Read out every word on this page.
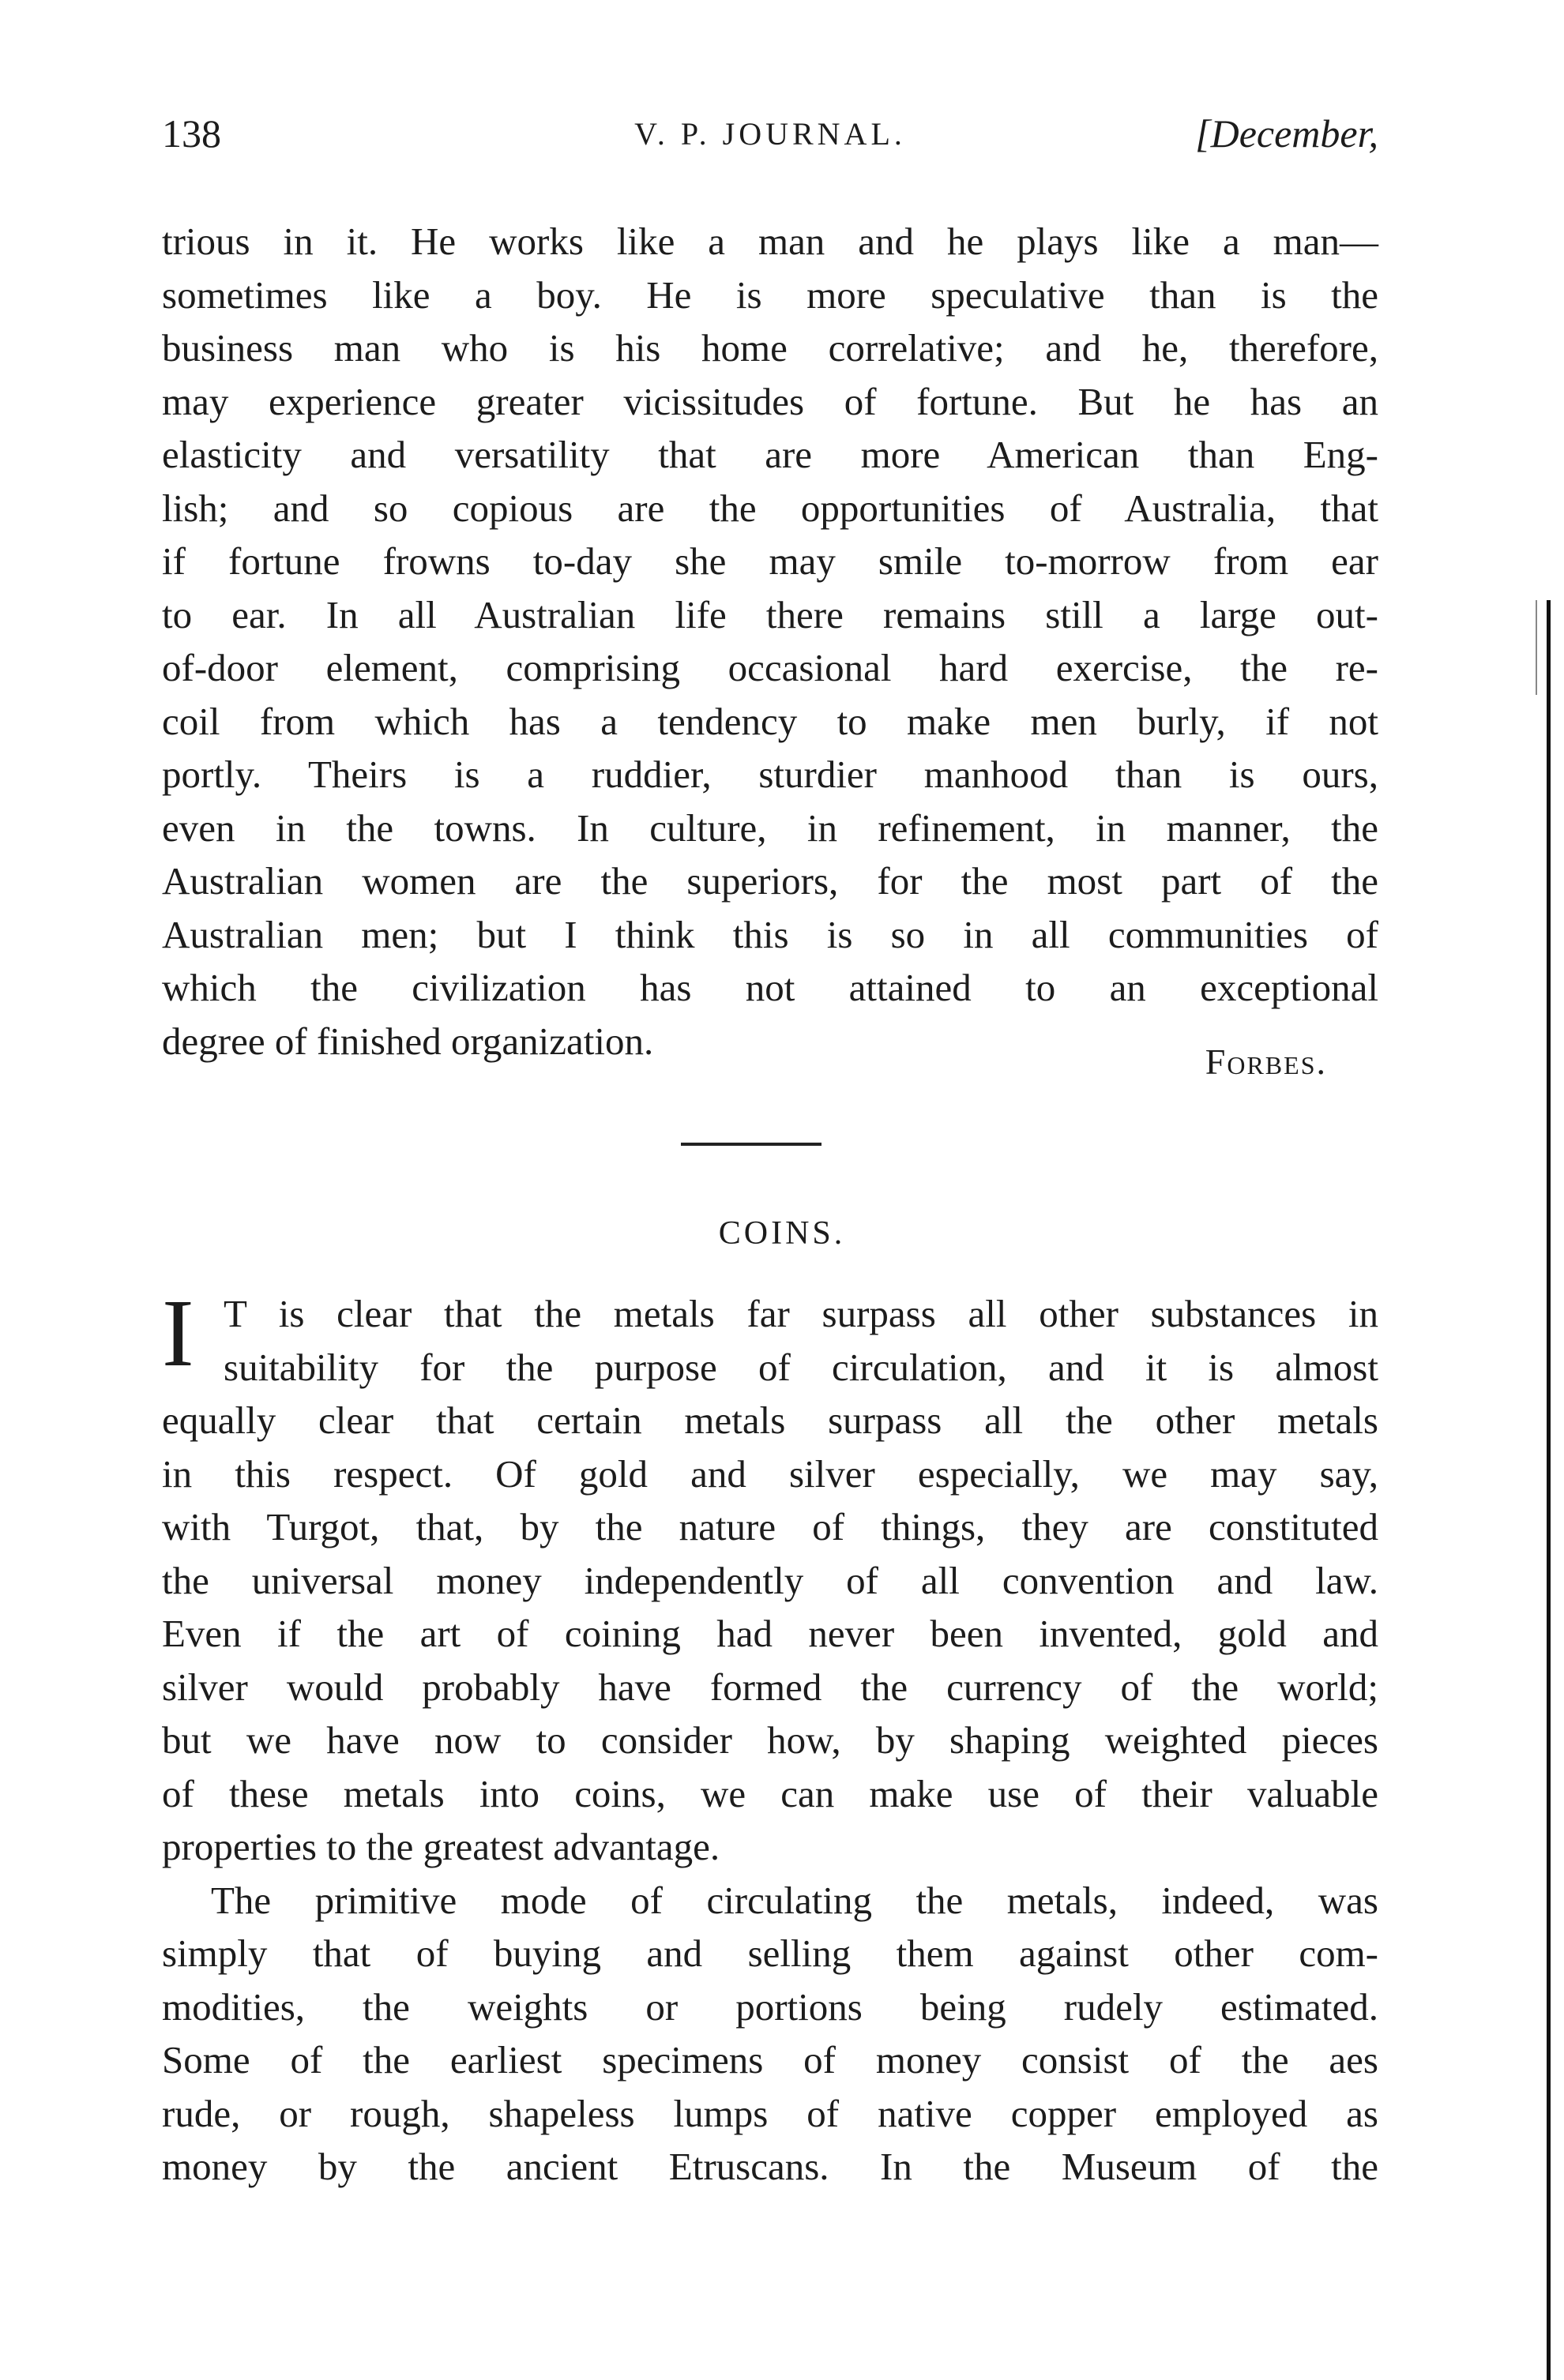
138	V. P. JOURNAL.	[December,
trious in it. He works like a man and he plays like a man—
sometimes like a boy. He is more speculative than is the
business man who is his home correlative; and he, therefore,
may experience greater vicissitudes of fortune. But he has an
elasticity and versatility that are more American than Eng-
lish; and so copious are the opportunities of Australia, that
if fortune frowns to-day she may smile to-morrow from ear
to ear. In all Australian life there remains still a large out-
of-door element, comprising occasional hard exercise, the re-
coil from which has a tendency to make men burly, if not
portly. Theirs is a ruddier, sturdier manhood than is ours,
even in the towns. In culture, in refinement, in manner, the
Australian women are the superiors, for the most part of the
Australian men; but I think this is so in all communities of
which the civilization has not attained to an exceptional
degree of finished organization.	Forbes.
COINS.
I T is clear that the metals far surpass all other substances in
suitability for the purpose of circulation, and it is almost
equally clear that certain metals surpass all the other metals
in this respect. Of gold and silver especially, we may say,
with Turgot, that, by the nature of things, they are constituted
the universal money independently of all convention and law.
Even if the art of coining had never been invented, gold and
silver would probably have formed the currency of the world;
but we have now to consider how, by shaping weighted pieces
of these metals into coins, we can make use of their valuable
properties to the greatest advantage.
The primitive mode of circulating the metals, indeed, was
simply that of buying and selling them against other com-
modities, the weights or portions being rudely estimated.
Some of the earliest specimens of money consist of the aes
rude, or rough, shapeless lumps of native copper employed as
money by the ancient Etruscans. In the Museum of the
